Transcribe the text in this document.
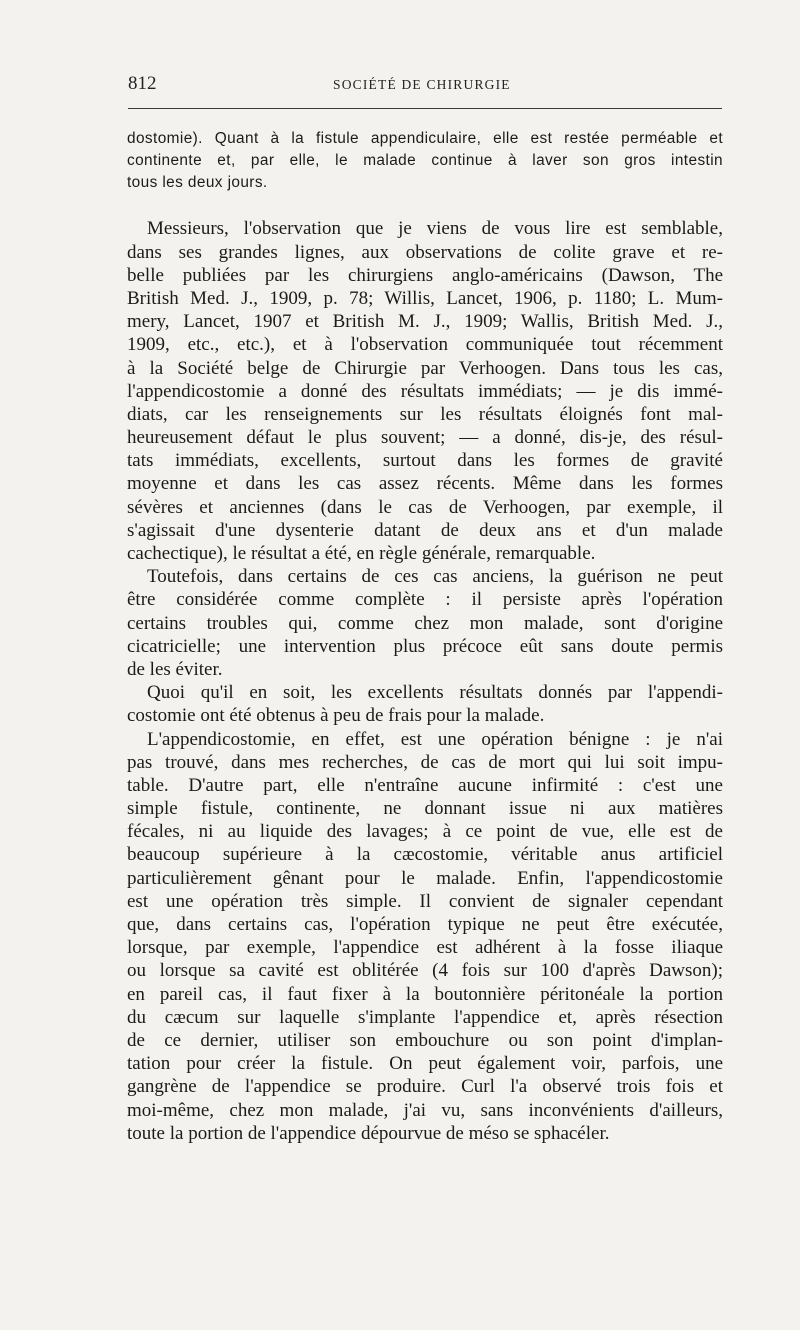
812	SOCIÉTÉ DE CHIRURGIE
dostomie). Quant à la fistule appendiculaire, elle est restée perméable et
continente et, par elle, le malade continue à laver son gros intestin
tous les deux jours.
Messieurs, l'observation que je viens de vous lire est semblable,
dans ses grandes lignes, aux observations de colite grave et re-
belle publiées par les chirurgiens anglo-américains (Dawson, The
British Med. J., 1909, p. 78; Willis, Lancet, 1906, p. 1180; L. Mum-
mery, Lancet, 1907 et British M. J., 1909; Wallis, British Med. J.,
1909, etc., etc.), et à l'observation communiquée tout récemment
à la Société belge de Chirurgie par Verhoogen. Dans tous les cas,
l'appendicostomie a donné des résultats immédiats; — je dis immé-
diats, car les renseignements sur les résultats éloignés font mal-
heureusement défaut le plus souvent; — a donné, dis-je, des résul-
tats immédiats, excellents, surtout dans les formes de gravité
moyenne et dans les cas assez récents. Même dans les formes
sévères et anciennes (dans le cas de Verhoogen, par exemple, il
s'agissait d'une dysenterie datant de deux ans et d'un malade
cachectique), le résultat a été, en règle générale, remarquable.
Toutefois, dans certains de ces cas anciens, la guérison ne peut
être considérée comme complète : il persiste après l'opération
certains troubles qui, comme chez mon malade, sont d'origine
cicatricielle; une intervention plus précoce eût sans doute permis
de les éviter.
Quoi qu'il en soit, les excellents résultats donnés par l'appendi-
costomie ont été obtenus à peu de frais pour la malade.
L'appendicostomie, en effet, est une opération bénigne : je n'ai
pas trouvé, dans mes recherches, de cas de mort qui lui soit impu-
table. D'autre part, elle n'entraîne aucune infirmité : c'est une
simple fistule, continente, ne donnant issue ni aux matières
fécales, ni au liquide des lavages; à ce point de vue, elle est de
beaucoup supérieure à la cæcostomie, véritable anus artificiel
particulièrement gênant pour le malade. Enfin, l'appendicostomie
est une opération très simple. Il convient de signaler cependant
que, dans certains cas, l'opération typique ne peut être exécutée,
lorsque, par exemple, l'appendice est adhérent à la fosse iliaque
ou lorsque sa cavité est oblitérée (4 fois sur 100 d'après Dawson);
en pareil cas, il faut fixer à la boutonnière péritonéale la portion
du cæcum sur laquelle s'implante l'appendice et, après résection
de ce dernier, utiliser son embouchure ou son point d'implan-
tation pour créer la fistule. On peut également voir, parfois, une
gangrène de l'appendice se produire. Curl l'a observé trois fois et
moi-même, chez mon malade, j'ai vu, sans inconvénients d'ailleurs,
toute la portion de l'appendice dépourvue de méso se sphacéler.
